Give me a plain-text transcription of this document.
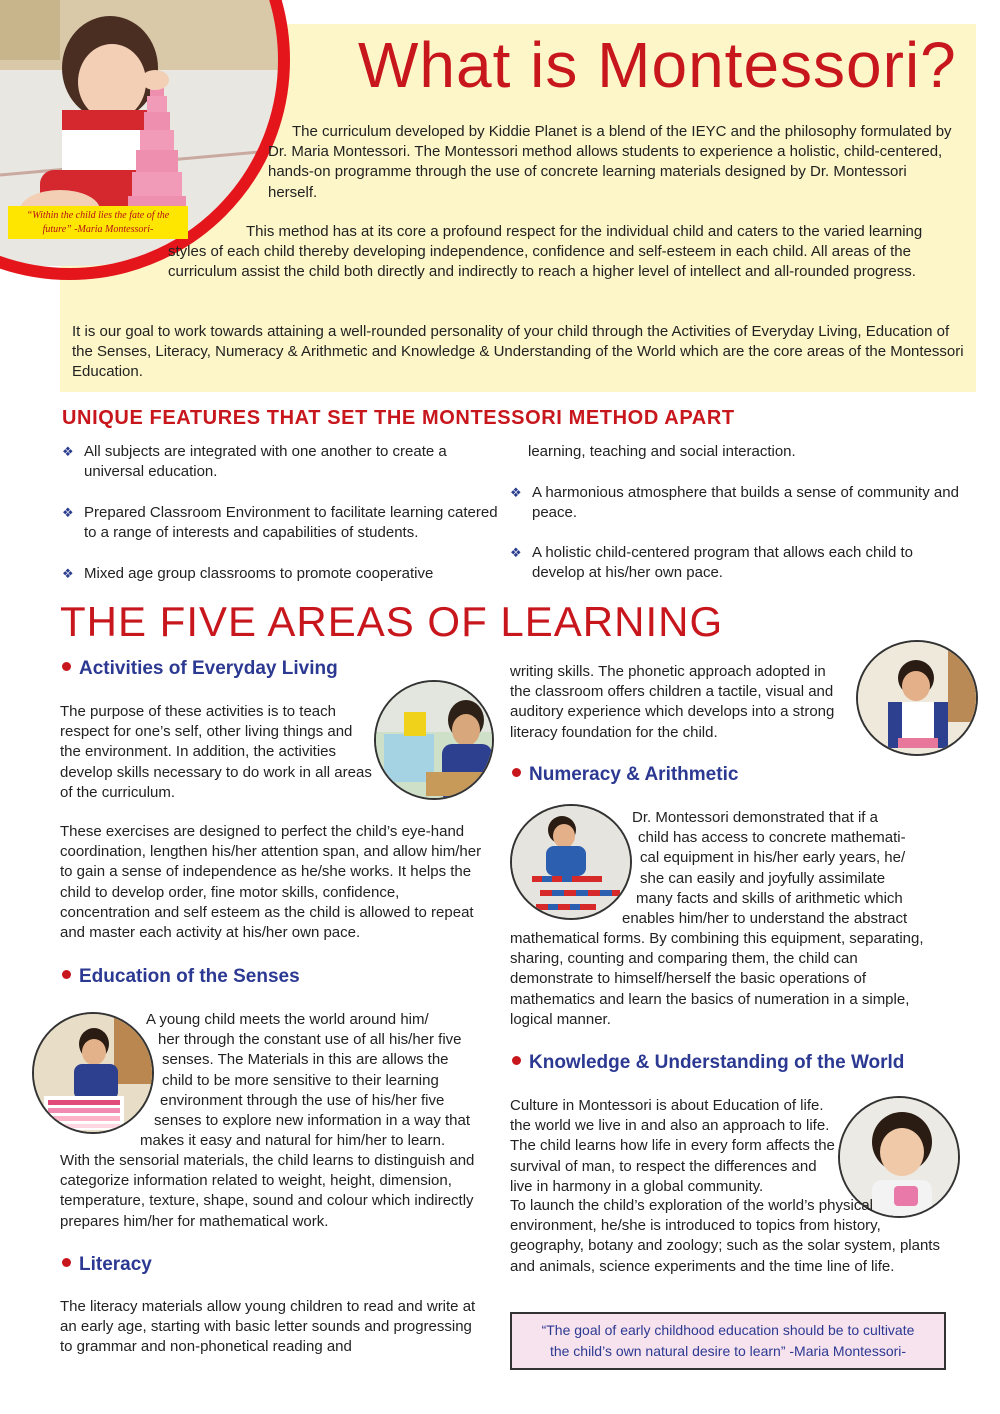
“Within the child lies the fate of the future” -Maria Montessori-
What is Montessori?

The curriculum developed by Kiddie Planet is a blend of the IEYC and the philosophy formulated by Dr. Maria Montessori. The Montessori method allows students to experience a holistic, child-centered, hands-on programme through the use of concrete learning materials designed by Dr. Montessori herself.

This method has at its core a profound respect for the individual child and caters to the varied learning styles of each child thereby developing independence, confidence and self-esteem in each child. All areas of the curriculum assist the child both directly and indirectly to reach a higher level of intellect and all-rounded progress.

It is our goal to work towards attaining a well-rounded personality of your child through the Activities of Everyday Living, Education of the Senses, Literacy, Numeracy & Arithmetic and Knowledge & Understanding of the World which are the core areas of the Montessori Education.

UNIQUE FEATURES THAT SET THE MONTESSORI METHOD APART
❖ All subjects are integrated with one another to create a universal education.
❖ Prepared Classroom Environment to facilitate learning catered to a range of interests and capabilities of students.
❖ Mixed age group classrooms to promote cooperative
learning, teaching and social interaction.
❖ A harmonious atmosphere that builds a sense of community and peace.
❖ A holistic child-centered program that allows each child to develop at his/her own pace.
THE FIVE AREAS OF LEARNING
Activities of Everyday Living

The purpose of these activities is to teach respect for one’s self, other living things and the environment. In addition, the activities develop skills necessary to do work in all areas of the curriculum.

These exercises are designed to perfect the child’s eye-hand coordination, lengthen his/her attention span, and allow him/her to gain a sense of independence as he/she works. It helps the child to develop order, fine motor skills, confidence, concentration and self esteem as the child is allowed to repeat and master each activity at his/her own pace.

Education of the Senses
A young child meets the world around him/
her through the constant use of all his/her five
senses. The Materials in this are allows the
child to be more sensitive to their learning
environment through the use of his/her five
senses to explore new information in a way that
makes it easy and natural for him/her to learn.

With the sensorial materials, the child learns to distinguish and categorize information related to weight, height, dimension, temperature, texture, shape, sound and colour which indirectly prepares him/her for mathematical work.

Literacy

The literacy materials allow young children to read and write at an early age, starting with basic letter sounds and progressing to grammar and non-phonetical reading and

writing skills. The phonetic approach adopted in the classroom offers children a tactile, visual and auditory experience which develops into a strong literacy foundation for the child.

Numeracy & Arithmetic
Dr. Montessori demonstrated that if a
child has access to concrete mathemati-
cal equipment in his/her early years, he/
she can easily and joyfully assimilate
many facts and skills of arithmetic which
enables him/her to understand the abstract

mathematical forms. By combining this equipment, separating, sharing, counting and comparing them, the child can demonstrate to himself/herself the basic operations of mathematics and learn the basics of numeration in a simple, logical manner.

Knowledge & Understanding of the World

Culture in Montessori is about Education of life. the world we live in and also an approach to life. The child learns how life in every form affects the survival of man, to respect the differences and live in harmony in a global community.

To launch the child’s exploration of the world’s physical environment, he/she is introduced to topics from history, geography, botany and zoology; such as the solar system, plants and animals, science experiments and the time line of life.

“The goal of early childhood education should be to cultivate
the child’s own natural desire to learn” -Maria Montessori-
